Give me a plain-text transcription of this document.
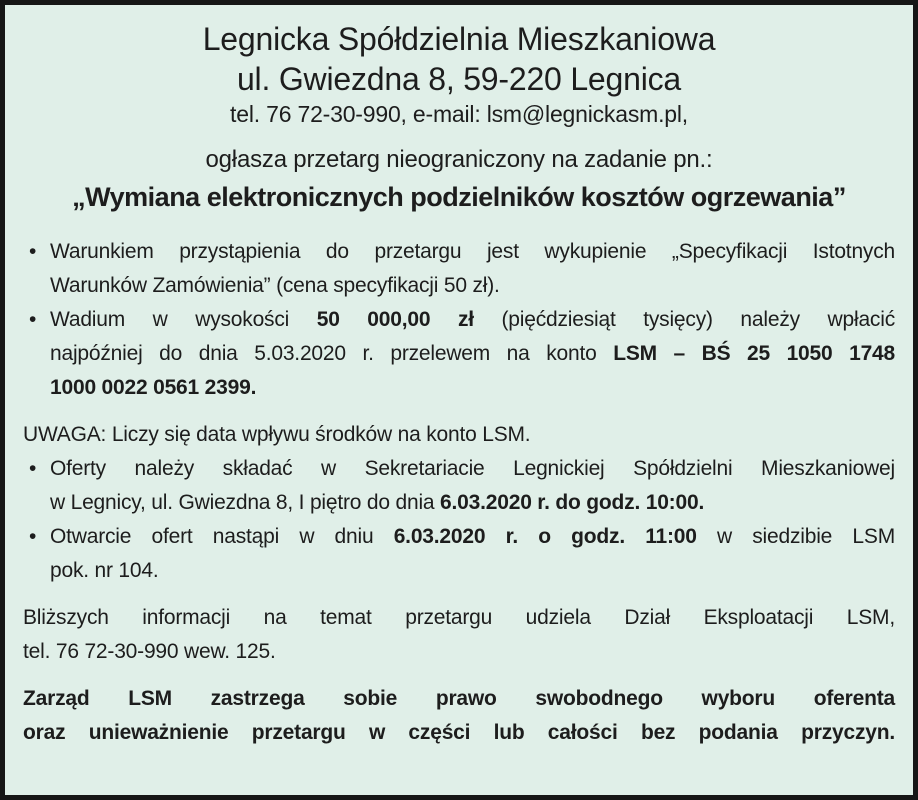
Legnicka Spółdzielnia Mieszkaniowa
ul. Gwiezdna 8, 59-220 Legnica
tel. 76 72-30-990, e-mail: lsm@legnickasm.pl,
ogłasza przetarg nieograniczony na zadanie pn.:
„Wymiana elektronicznych podzielników kosztów ogrzewania”
• Warunkiem przystąpienia do przetargu jest wykupienie „Specyfikacji Istotnych
Warunków Zamówienia” (cena specyfikacji 50 zł).
• Wadium w wysokości 50 000,00 zł (pięćdziesiąt tysięcy) należy wpłacić
najpóźniej do dnia 5.03.2020 r. przelewem na konto LSM – BŚ 25 1050 1748
1000 0022 0561 2399.
UWAGA: Liczy się data wpływu środków na konto LSM.
• Oferty należy składać w Sekretariacie Legnickiej Spółdzielni Mieszkaniowej
w Legnicy, ul. Gwiezdna 8, I piętro do dnia 6.03.2020 r. do godz. 10:00.
• Otwarcie ofert nastąpi w dniu 6.03.2020 r. o godz. 11:00 w siedzibie LSM
pok. nr 104.
Bliższych informacji na temat przetargu udziela Dział Eksploatacji LSM,
tel. 76 72-30-990 wew. 125.
Zarząd LSM zastrzega sobie prawo swobodnego wyboru oferenta
oraz unieważnienie przetargu w części lub całości bez podania przyczyn.
